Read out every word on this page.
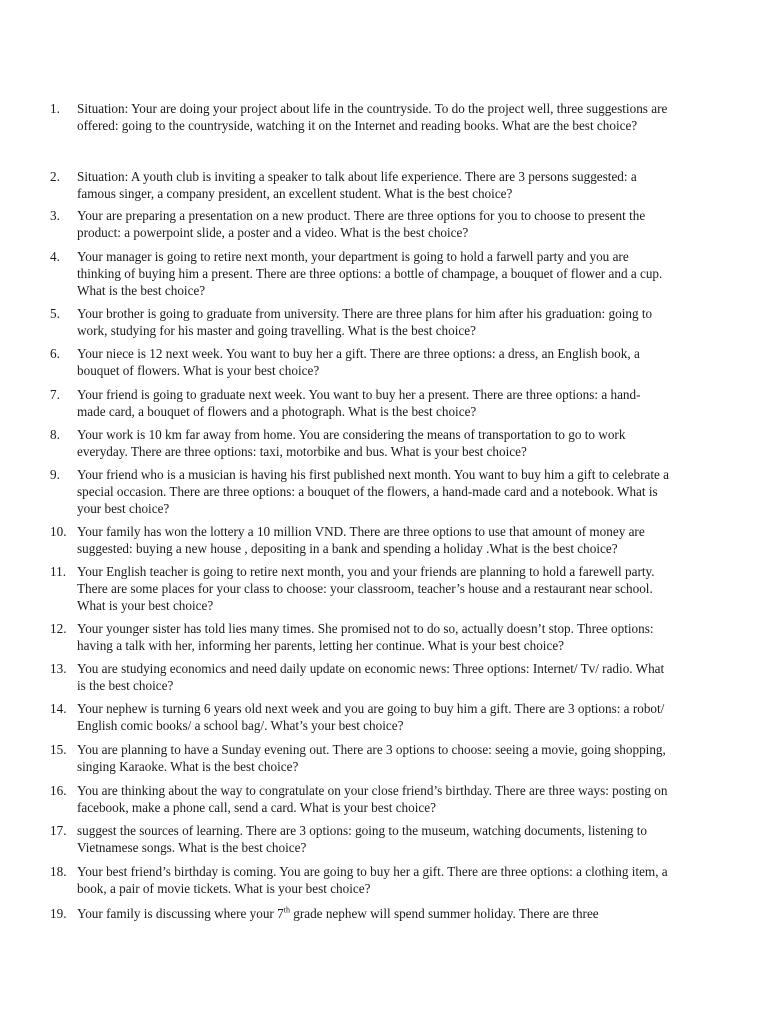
1.	Situation: Your are doing your project about life in the countryside. To do the project well, three suggestions are
offered: going to the countryside, watching it on the Internet and reading books. What are the best choice?
2.	Situation: A youth club is inviting a speaker to talk about life experience. There are 3 persons suggested: a
famous singer, a company president, an excellent student. What is the best choice?
3.	Your are preparing a presentation on a new product. There are three options for you to choose to present the
product: a powerpoint slide, a poster and a video. What is the best choice?
4.	Your manager is going to retire next month, your department is going to hold a farwell party and you are
thinking of buying him a present. There are three options: a bottle of champage, a bouquet of flower and a cup.
What is the best choice?
5.	Your brother is going to graduate from university. There are three plans for him after his graduation: going to
work, studying for his master and going travelling. What is the best choice?
6.	Your niece is 12 next week. You want to buy her a gift. There are three options: a dress, an English book, a
bouquet of flowers. What is your best choice?
7.	Your friend is going to graduate next week. You want to buy her a present. There are three options: a hand-
made card, a bouquet of flowers and a photograph. What is the best choice?
8.	Your work is 10 km far away from home. You are considering the means of transportation to go to work
everyday. There are three options: taxi, motorbike and bus. What is your best choice?
9.	Your friend who is a musician is having his first published next month. You want to buy him a gift to celebrate a
special occasion. There are three options: a bouquet of the flowers, a hand-made card and a notebook. What is
your best choice?
10. Your family has won the lottery a 10 million VND. There are three options to use that amount of money are
suggested: buying a new house , depositing in a bank and spending a holiday .What is the best choice?
11. Your English teacher is going to retire next month, you and your friends are planning to hold a farewell party.
There are some places for your class to choose: your classroom, teacher’s house and a restaurant near school.
What is your best choice?
12. Your younger sister has told lies many times. She promised not to do so, actually doesn’t stop. Three options:
having a talk with her, informing her parents, letting her continue. What is your best choice?
13. You are studying economics and need daily update on economic news: Three options: Internet/ Tv/ radio. What
is the best choice?
14. Your nephew is turning 6 years old next week and you are going to buy him a gift. There are 3 options: a robot/
English comic books/ a school bag/. What’s your best choice?
15. You are planning to have a Sunday evening out. There are 3 options to choose: seeing a movie, going shopping,
singing Karaoke. What is the best choice?
16. You are thinking about the way to congratulate on your close friend’s birthday. There are three ways: posting on
facebook, make a phone call, send a card. What is your best choice?
17. suggest the sources of learning. There are 3 options: going to the museum, watching documents, listening to
Vietnamese songs. What is the best choice?
18. Your best friend’s birthday is coming. You are going to buy her a gift. There are three options: a clothing item, a
book, a pair of movie tickets. What is your best choice?
19. Your family is discussing where your 7th grade nephew will spend summer holiday. There are three
